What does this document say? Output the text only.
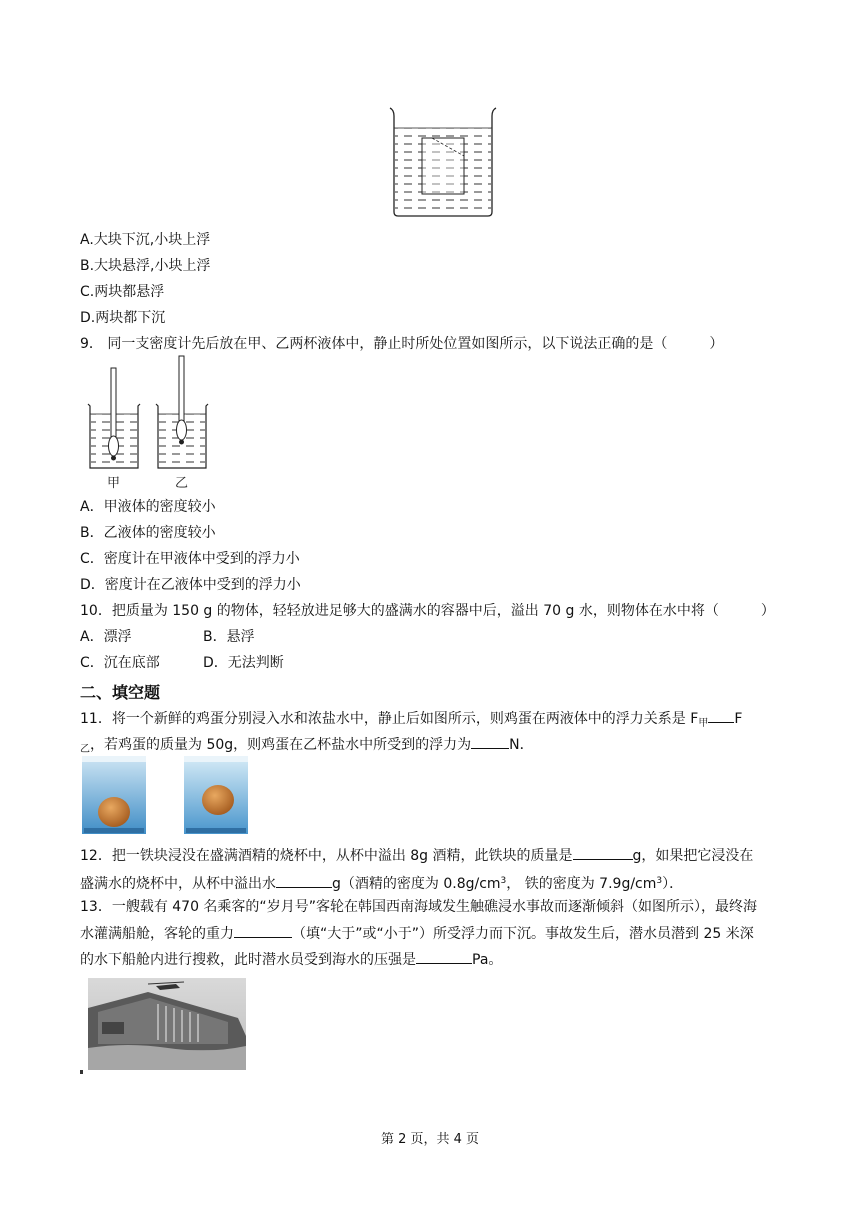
A.大块下沉,小块上浮
B.大块悬浮,小块上浮
C.两块都悬浮
D.两块都下沉
9． 同一支密度计先后放在甲、乙两杯液体中，静止时所处位置如图所示，以下说法正确的是（　　　）
甲	乙
A．甲液体的密度较小
B．乙液体的密度较小
C．密度计在甲液体中受到的浮力小
D．密度计在乙液体中受到的浮力小
10．把质量为 150 g 的物体，轻轻放进足够大的盛满水的容器中后，溢出 70 g 水，则物体在水中将（　　　）
A．漂浮	B．悬浮
C．沉在底部	D．无法判断
二、填空题
11．将一个新鲜的鸡蛋分别浸入水和浓盐水中，静止后如图所示，则鸡蛋在两液体中的浮力关系是 $F_甲$ F
$_乙$，若鸡蛋的质量为 50g，则鸡蛋在乙杯盐水中所受到的浮力为	N．
12．把一铁块浸没在盛满酒精的烧杯中，从杯中溢出 8g 酒精，此铁块的质量是	g，如果把它浸没在
盛满水的烧杯中，从杯中溢出水	g（酒精的密度为 $0.8g/cm^3$， 铁的密度为 $7.9g/cm^3$）．
13．一艘载有 470 名乘客的“岁月号”客轮在韩国西南海域发生触礁浸水事故而逐渐倾斜（如图所示），最终海
水灌满船舱，客轮的重力	（填“大于”或“小于”）所受浮力而下沉。事故发生后，潜水员潜到 25 米深
的水下船舱内进行搜救，此时潜水员受到海水的压强是	Pa。
第 2 页，共 4 页
